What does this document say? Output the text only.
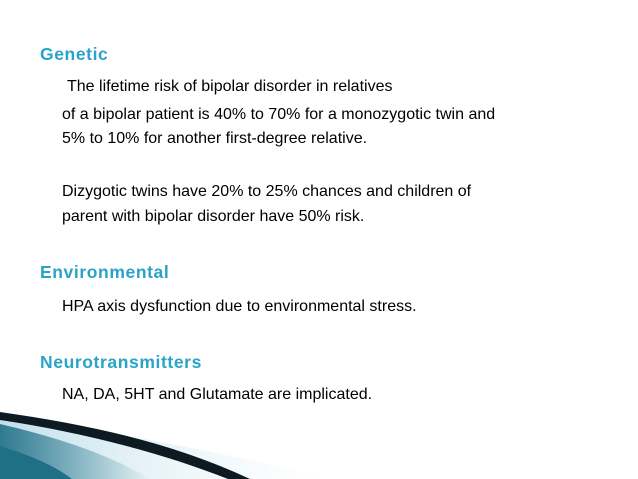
Genetic
The lifetime risk of bipolar disorder in relatives
of a bipolar patient is 40% to 70% for a monozygotic twin and
5% to 10% for another first-degree relative.
Dizygotic twins have 20% to 25% chances and children of
parent with bipolar disorder have 50% risk.
Environmental
HPA axis dysfunction due to environmental stress.
Neurotransmitters
NA, DA, 5HT and Glutamate are implicated.
